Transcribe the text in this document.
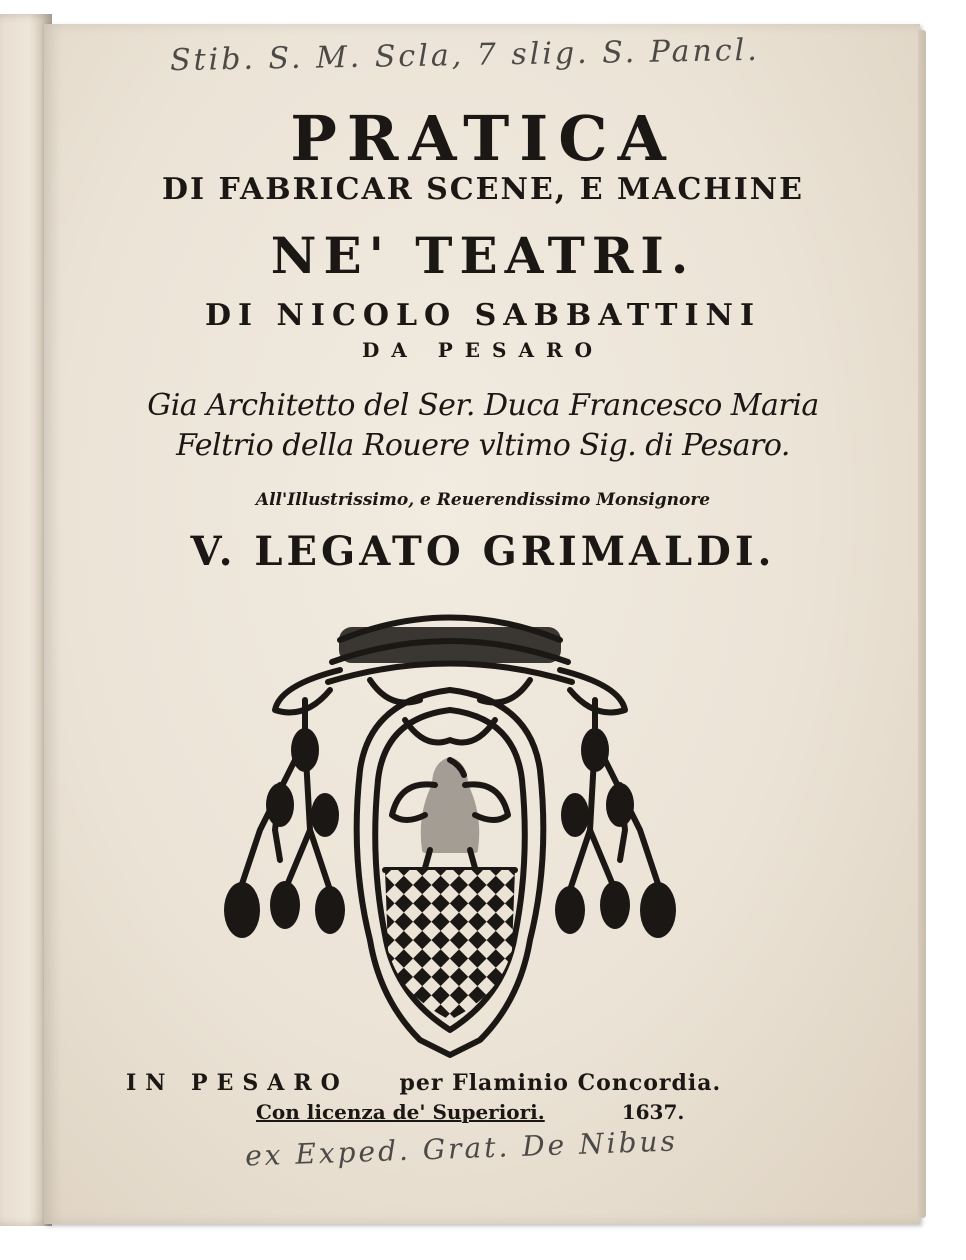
Stib. S. M. Scla, 7 slig. S. Pancl.
PRATICA
DI FABRICAR SCENE, E MACHINE
NE' TEATRI.
DI NICOLO SABBATTINI
DA PESARO
Gia Architetto del Ser. Duca Francesco Maria
Feltrio della Rouere vltimo Sig. di Pesaro.
All'Illustrissimo, e Reuerendissimo Monsignore
V. LEGATO GRIMALDI.
IN PESARO per Flaminio Concordia.
Con licenza de' Superiori.	1637.
ex Exped. Grat. De Nibus
